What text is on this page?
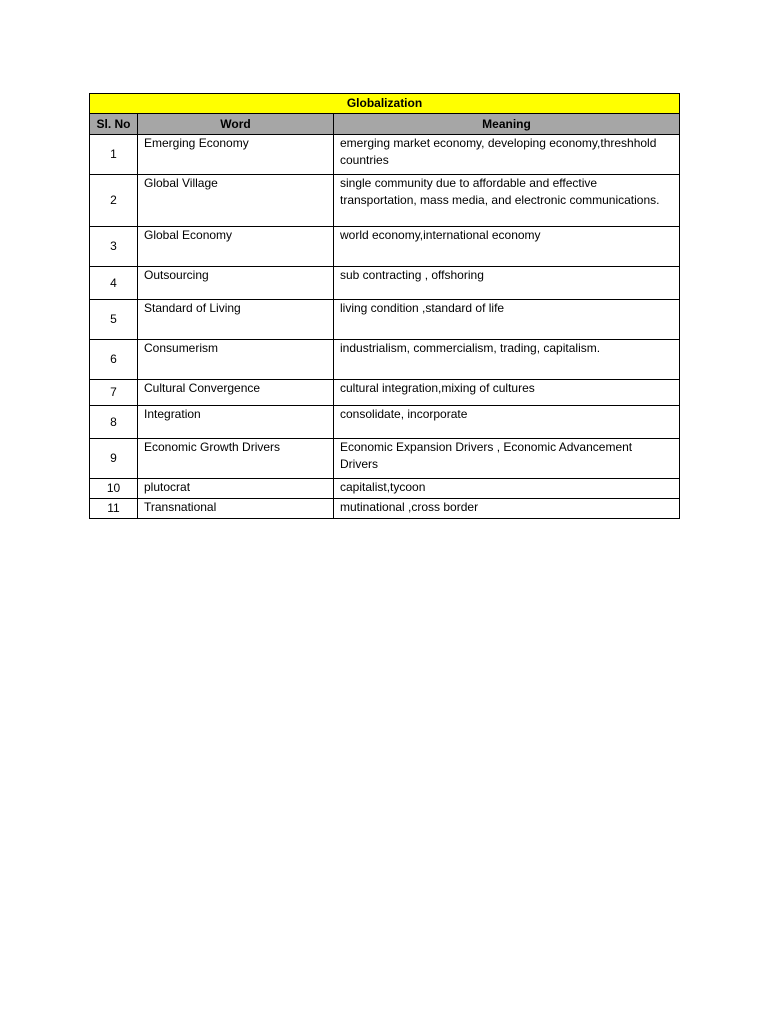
Globalization		
Sl. No	Word	Meaning
1	Emerging Economy	emerging market economy, developing economy,threshhold countries
2	Global Village	single community due to affordable and effective transportation, mass media, and electronic communications.
3	Global Economy	world economy,international economy
4	Outsourcing	sub contracting , offshoring
5	Standard of Living	living condition ,standard of life
6	Consumerism	industrialism, commercialism, trading, capitalism.
7	Cultural Convergence	cultural integration,mixing of cultures
8	Integration	consolidate, incorporate
9	Economic Growth Drivers	Economic Expansion Drivers , Economic Advancement Drivers
10	plutocrat	capitalist,tycoon
11	Transnational	mutinational ,cross border
